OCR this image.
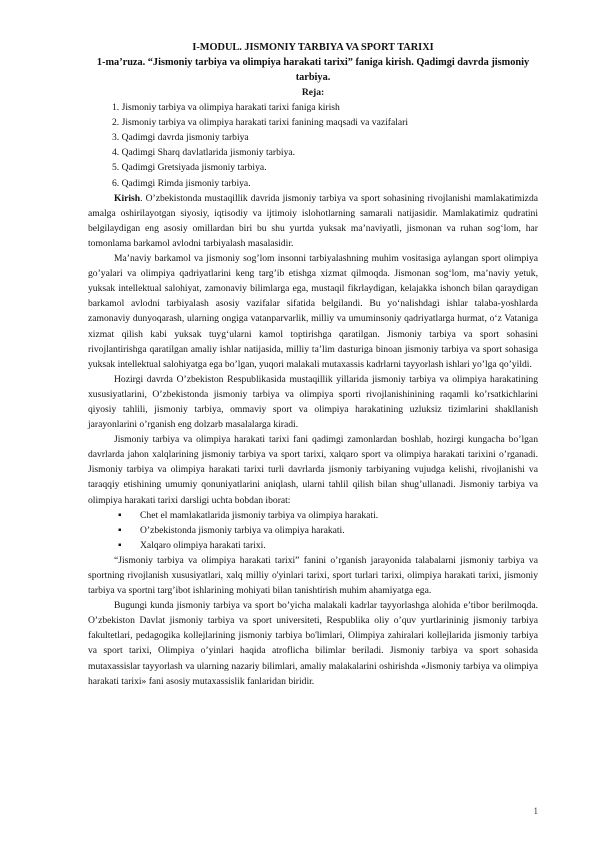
I-MODUL. JISMONIY TARBIYA VA SPORT TARIXI
1-ma’ruza. “Jismoniy tarbiya va olimpiya harakati tarixi” faniga kirish. Qadimgi davrda jismoniy tarbiya.
Reja:
1. Jismoniy tarbiya va olimpiya harakati tarixi faniga kirish
2. Jismoniy tarbiya va olimpiya harakati tarixi fanining maqsadi va vazifalari
3. Qadimgi davrda jismoniy tarbiya
4. Qadimgi Sharq davlatlarida jismoniy tarbiya.
5. Qadimgi Gretsiyada jismoniy tarbiya.
6. Qadimgi Rimda jismoniy tarbiya.

Kirish. O’zbekistonda mustaqillik davrida jismoniy tarbiya va sport sohasining rivojlanishi mamlakatimizda amalga oshirilayotgan siyosiy, iqtisodiy va ijtimoiy islohotlarning samarali natijasidir. Mamlakatimiz qudratini belgilaydigan eng asosiy omillardan biri bu shu yurtda yuksak ma’naviyatli, jismonan va ruhan sog‘lom, har tomonlama barkamol avlodni tarbiyalash masalasidir.

Ma’naviy barkamol va jismoniy sog’lom insonni tarbiyalashning muhim vositasiga aylangan sport olimpiya go’yalari va olimpiya qadriyatlarini keng targ’ib etishga xizmat qilmoqda. Jismonan sog‘lom, ma’naviy yetuk, yuksak intellektual salohiyat, zamonaviy bilimlarga ega, mustaqil fikrlaydigan, kelajakka ishonch bilan qaraydigan barkamol avlodni tarbiyalash asosiy vazifalar sifatida belgilandi. Bu yo‘nalishdagi ishlar talaba-yoshlarda zamonaviy dunyoqarash, ularning ongiga vatanparvarlik, milliy va umuminsoniy qadriyatlarga hurmat, o‘z Vataniga xizmat qilish kabi yuksak tuyg‘ularni kamol toptirishga qaratilgan. Jismoniy tarbiya va sport sohasini rivojlantirishga qaratilgan amaliy ishlar natijasida, milliy ta’lim dasturiga binoan jismoniy tarbiya va sport sohasiga yuksak intellektual salohiyatga ega bo’lgan, yuqori malakali mutaxassis kadrlarni tayyorlash ishlari yo’lga qo’yildi.

Hozirgi davrda O’zbekiston Respublikasida mustaqillik yillarida jismoniy tarbiya va olimpiya harakatining xususiyatlarini, O’zbekistonda jismoniy tarbiya va olimpiya sporti rivojlanishinining raqamli ko’rsatkichlarini qiyosiy tahlili, jismoniy tarbiya, ommaviy sport va olimpiya harakatining uzluksiz tizimlarini shakllanish jarayonlarini o’rganish eng dolzarb masalalarga kiradi.

Jismoniy tarbiya va olimpiya harakati tarixi fani qadimgi zamonlardan boshlab, hozirgi kungacha bo’lgan davrlarda jahon xalqlarining jismoniy tarbiya va sport tarixi, xalqaro sport va olimpiya harakati tarixini o’rganadi. Jismoniy tarbiya va olimpiya harakati tarixi turli davrlarda jismoniy tarbiyaning vujudga kelishi, rivojlanishi va taraqqiy etishining umumiy qonuniyatlarini aniqlash, ularni tahlil qilish bilan shug’ullanadi. Jismoniy tarbiya va olimpiya harakati tarixi darsligi uchta bobdan iborat:

▪ Chet el mamlakatlarida jismoniy tarbiya va olimpiya harakati.
▪ O’zbekistonda jismoniy tarbiya va olimpiya harakati.
▪ Xalqaro olimpiya harakati tarixi.

“Jismoniy tarbiya va olimpiya harakati tarixi” fanini o’rganish jarayonida talabalarni jismoniy tarbiya va sportning rivojlanish xususiyatlari, xalq milliy o'yinlari tarixi, sport turlari tarixi, olimpiya harakati tarixi, jismoniy tarbiya va sportni targ’ibot ishlarining mohiyati bilan tanishtirish muhim ahamiyatga ega.

Bugungi kunda jismoniy tarbiya va sport bo’yicha malakali kadrlar tayyorlashga alohida e’tibor berilmoqda. O’zbekiston Davlat jismoniy tarbiya va sport universiteti, Respublika oliy o’quv yurtlarininig jismoniy tarbiya fakultetlari, pedagogika kollejlarining jismoniy tarbiya bo'limlari, Olimpiya zahiralari kollejlarida jismoniy tarbiya va sport tarixi, Olimpiya o’yinlari haqida atroflicha bilimlar beriladi. Jismoniy tarbiya va sport sohasida mutaxassislar tayyorlash va ularning nazariy bilimlari, amaliy malakalarini oshirishda «Jismoniy tarbiya va olimpiya harakati tarixi» fani asosiy mutaxassislik fanlaridan biridir.

1
